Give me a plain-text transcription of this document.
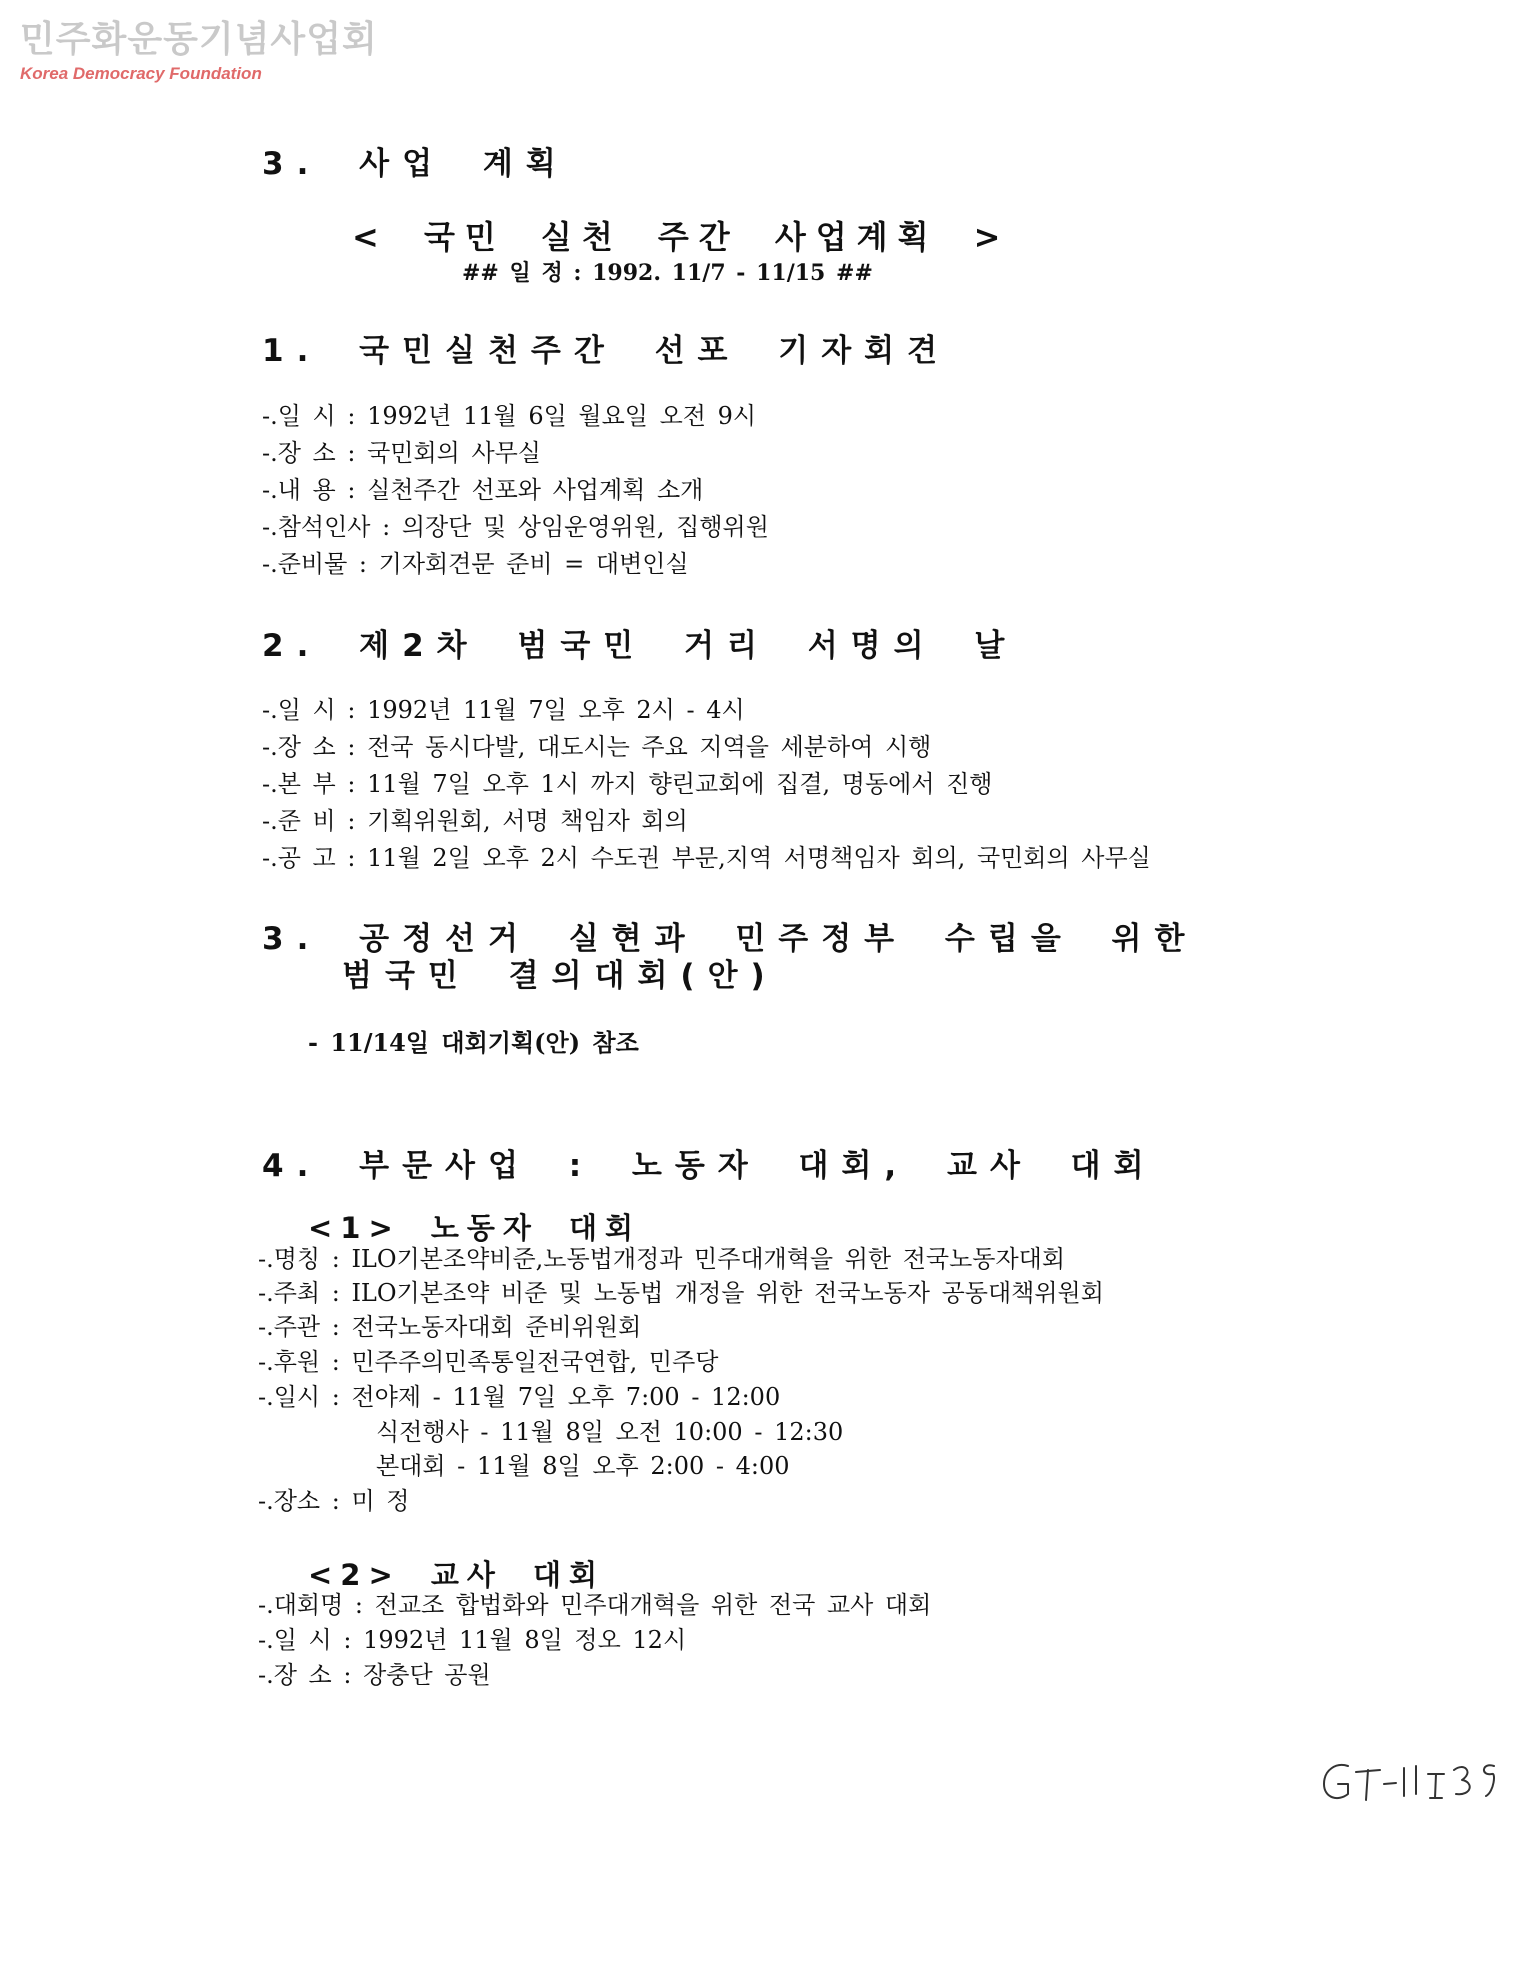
민주화운동기념사업회
Korea Democracy Foundation
3. 사업 계획
< 국민 실천 주간 사업계획 >
## 일 정 : 1992. 11/7 - 11/15 ##
1. 국민실천주간 선포 기자회견
-.일 시 : 1992년 11월 6일 월요일 오전 9시
-.장 소 : 국민회의 사무실
-.내 용 : 실천주간 선포와 사업계획 소개
-.참석인사 : 의장단 및 상임운영위원, 집행위원
-.준비물 : 기자회견문 준비 = 대변인실
2. 제2차 범국민 거리 서명의 날
-.일 시 : 1992년 11월 7일 오후 2시 - 4시
-.장 소 : 전국 동시다발, 대도시는 주요 지역을 세분하여 시행
-.본 부 : 11월 7일 오후 1시 까지 향린교회에 집결, 명동에서 진행
-.준 비 : 기획위원회, 서명 책임자 회의
-.공 고 : 11월 2일 오후 2시 수도권 부문,지역 서명책임자 회의, 국민회의 사무실
3. 공정선거 실현과 민주정부 수립을 위한
범국민 결의대회(안)
- 11/14일 대회기획(안) 참조
4. 부문사업 : 노동자 대회, 교사 대회
<1> 노동자 대회
-.명칭 : ILO기본조약비준,노동법개정과 민주대개혁을 위한 전국노동자대회
-.주최 : ILO기본조약 비준 및 노동법 개정을 위한 전국노동자 공동대책위원회
-.주관 : 전국노동자대회 준비위원회
-.후원 : 민주주의민족통일전국연합, 민주당
-.일시 : 전야제 - 11월 7일 오후 7:00 - 12:00
식전행사 - 11월 8일 오전 10:00 - 12:30
본대회 - 11월 8일 오후 2:00 - 4:00
-.장소 : 미 정
<2> 교사 대회
-.대회명 : 전교조 합법화와 민주대개혁을 위한 전국 교사 대회
-.일 시 : 1992년 11월 8일 정오 12시
-.장 소 : 장충단 공원
